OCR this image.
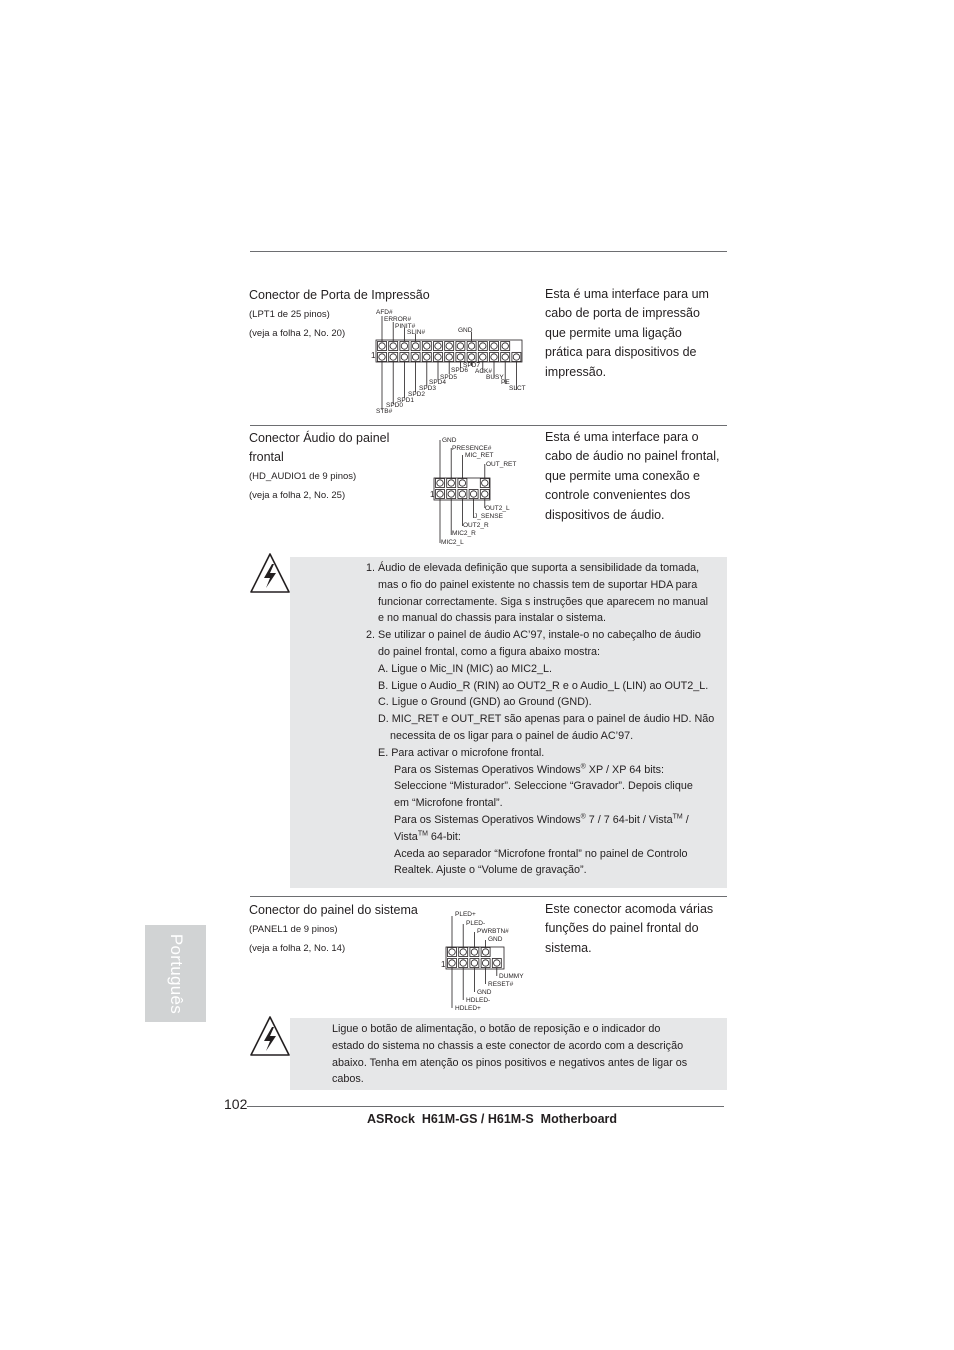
Conector de Porta de Impressão
(LPT1 de 25 pinos)
(veja a folha 2, No. 20)
Esta é uma interface para um
cabo de porta de impressão
que permite uma ligação
prática para dispositivos de
impressão.
AFD#
ERROR#
PINIT#
SLIN#	GND
1
SPD7
SPD6 ACK#
SPD5	BUSY
SPD4	PE
SPD3	SLCT
SPD2
SPD1
SPD0
STB#
Conector Áudio do painel
frontal
(HD_AUDIO1 de 9 pinos)
(veja a folha 2, No. 25)
Esta é uma interface para o
cabo de áudio no painel frontal,
que permite uma conexão e
controle convenientes dos
dispositivos de áudio.
GND
PRESENCE#
MIC_RET
OUT_RET
1
OUT2_L
J_SENSE
OUT2_R
MIC2_R
MIC2_L
1. Áudio de elevada definição que suporta a sensibilidade da tomada,
mas o fio do painel existente no chassis tem de suportar HDA para
funcionar correctamente. Siga s instruções que aparecem no manual
e no manual do chassis para instalar o sistema.
2. Se utilizar o painel de áudio AC’97, instale-o no cabeçalho de áudio
do painel frontal, como a figura abaixo mostra:
A. Ligue o Mic_IN (MIC) ao MIC2_L.
B. Ligue o Audio_R (RIN) ao OUT2_R e o Audio_L (LIN) ao OUT2_L.
C. Ligue o Ground (GND) ao Ground (GND).
D. MIC_RET e OUT_RET são apenas para o painel de áudio HD. Não
necessita de os ligar para o painel de áudio AC’97.
E. Para activar o microfone frontal.
Para os Sistemas Operativos Windows® XP / XP 64 bits:
Seleccione “Misturador”. Seleccione “Gravador”. Depois clique
em “Microfone frontal”.
Para os Sistemas Operativos Windows® 7 / 7 64-bit / Vista™ /
Vista™ 64-bit:
Aceda ao separador “Microfone frontal” no painel de Controlo
Realtek. Ajuste o “Volume de gravação”.
Conector do painel do sistema
(PANEL1 de 9 pinos)
(veja a folha 2, No. 14)
Este conector acomoda várias
funções do painel frontal do
sistema.
PLED+
PLED-
PWRBTN#
GND
1
DUMMY
RESET#
GND
HDLED-
HDLED+
Ligue o botão de alimentação, o botão de reposição e o indicador do
estado do sistema no chassis a este conector de acordo com a descrição
abaixo. Tenha em atenção os pinos positivos e negativos antes de ligar os
cabos.
Português
102
ASRock  H61M-GS / H61M-S  Motherboard
